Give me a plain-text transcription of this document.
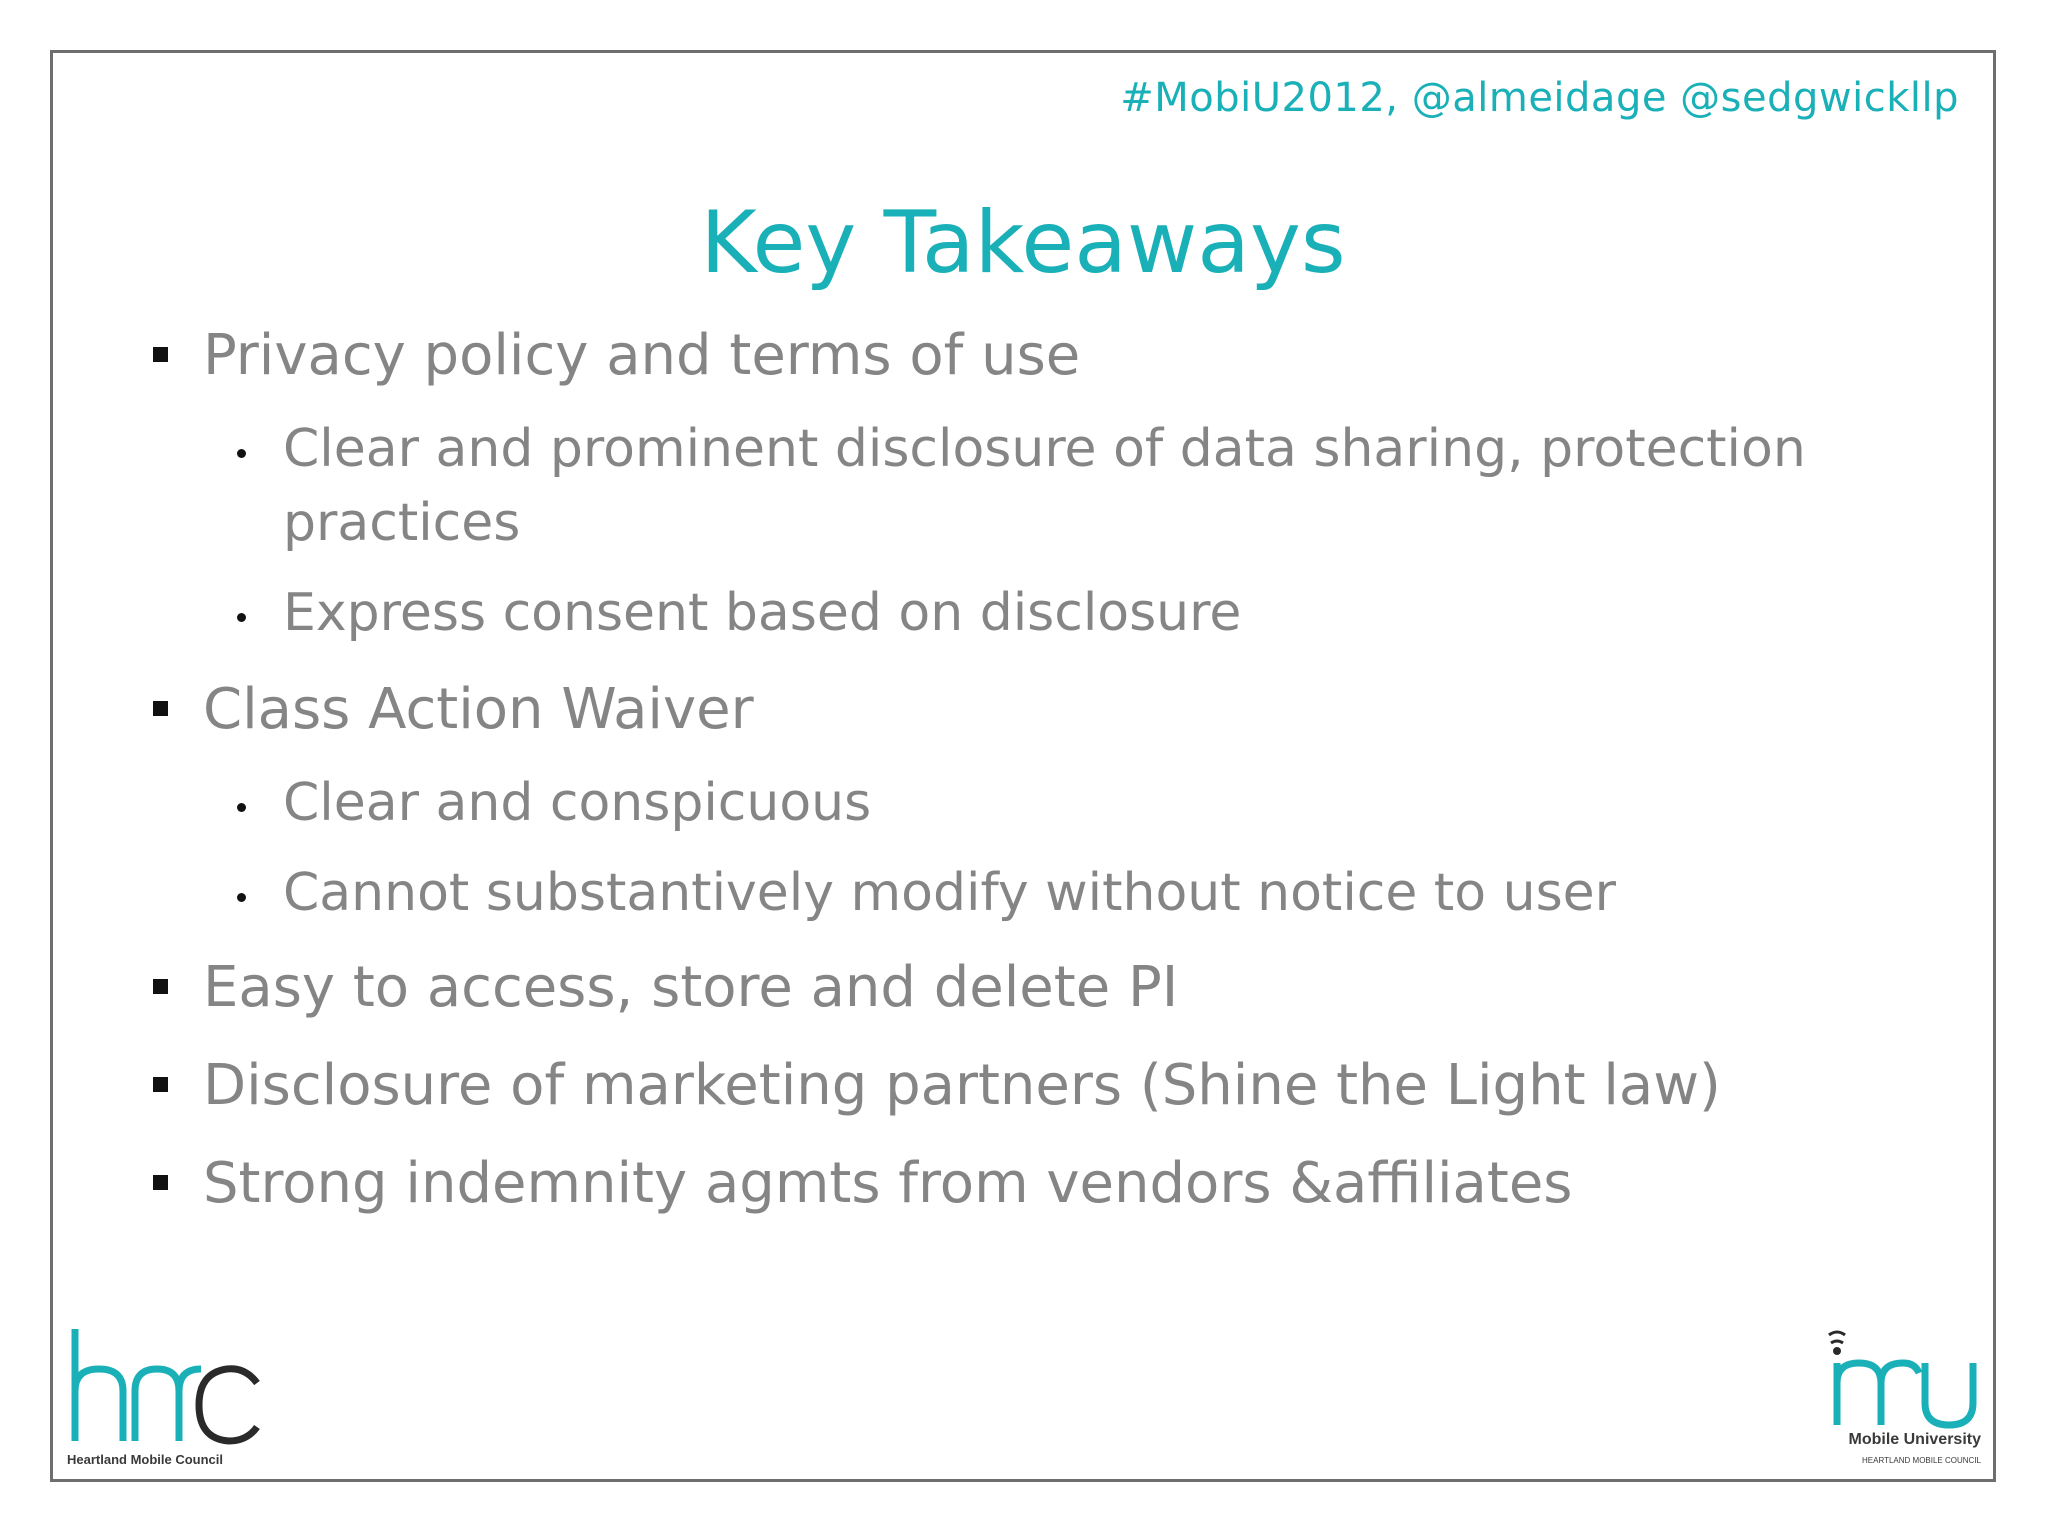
#MobiU2012, @almeidage @sedgwickllp
Key Takeaways
Privacy policy and terms of use
Clear and prominent disclosure of data sharing, protection
practices
Express consent based on disclosure
Class Action Waiver
Clear and conspicuous
Cannot substantively modify without notice to user
Easy to access, store and delete PI
Disclosure of marketing partners (Shine the Light law)
Strong indemnity agmts from vendors &affiliates
Heartland Mobile Council
Mobile University
HEARTLAND MOBILE COUNCIL
